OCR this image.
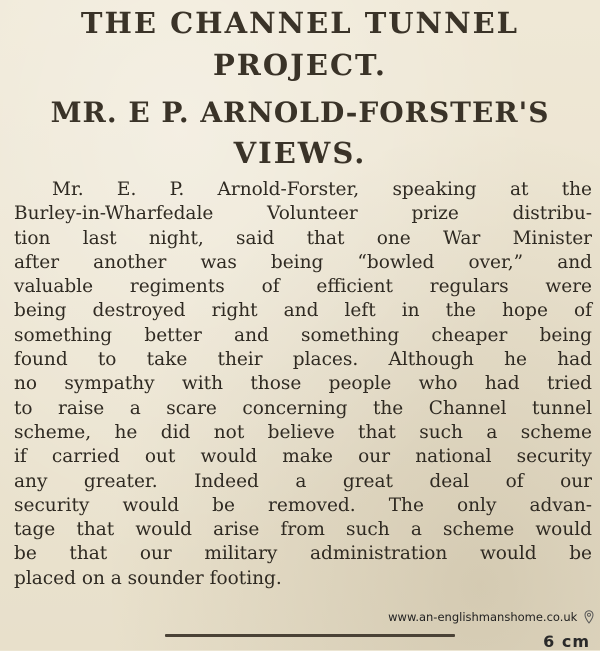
THE CHANNEL TUNNEL
PROJECT.
MR. E P. ARNOLD-FORSTER'S
VIEWS.
Mr. E. P. Arnold-Forster, speaking at the
Burley-in-Wharfedale Volunteer prize distribu-
tion last night, said that one War Minister
after another was being “bowled over,” and
valuable regiments of efficient regulars were
being destroyed right and left in the hope of
something better and something cheaper being
found to take their places. Although he had
no sympathy with those people who had tried
to raise a scare concerning the Channel tunnel
scheme, he did not believe that such a scheme
if carried out would make our national security
any greater. Indeed a great deal of our
security would be removed. The only advan-
tage that would arise from such a scheme would
be that our military administration would be
placed on a sounder footing.
www.an-englishmanshome.co.uk
6 cm
